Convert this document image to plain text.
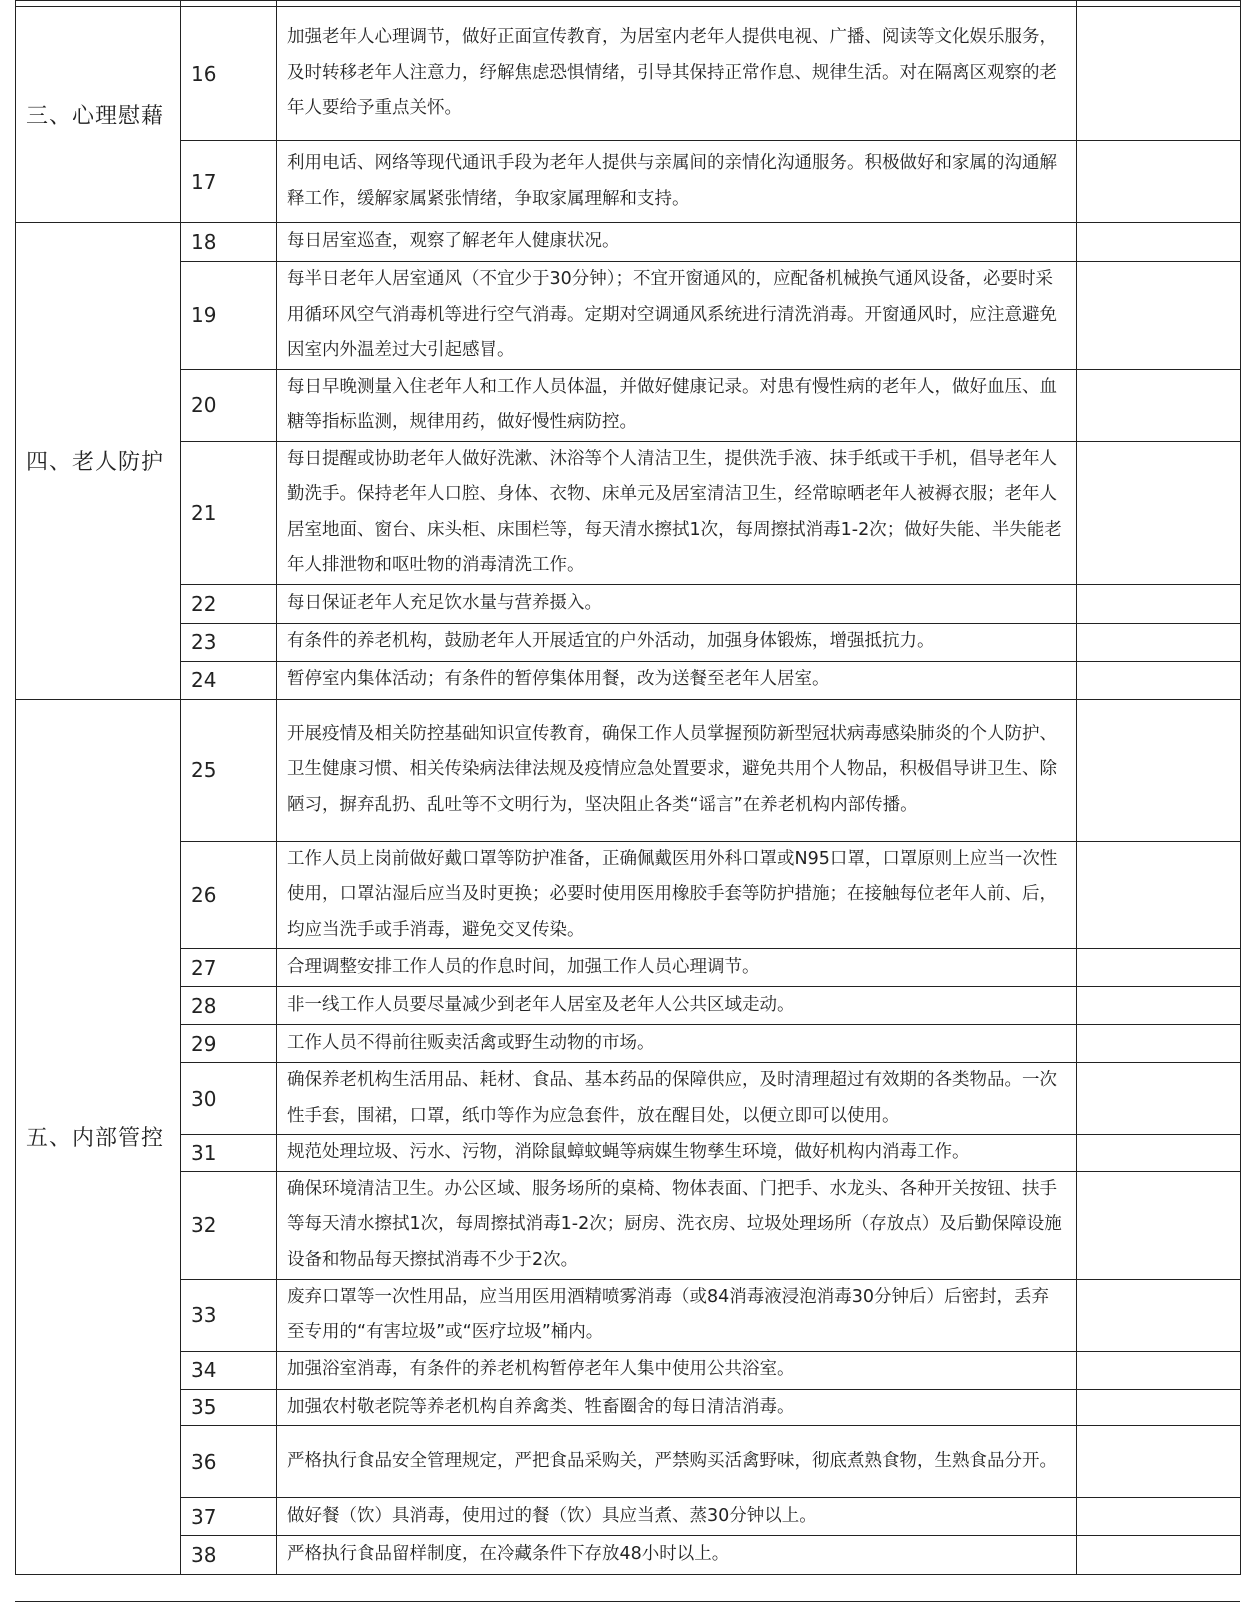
三、心理慰藉	16	加强老年人心理调节，做好正面宣传教育，为居室内老年人提供电视、广播、阅读等文化娱乐服务，及时转移老年人注意力，纾解焦虑恐惧情绪，引导其保持正常作息、规律生活。对在隔离区观察的老年人要给予重点关怀。	
	17	利用电话、网络等现代通讯手段为老年人提供与亲属间的亲情化沟通服务。积极做好和家属的沟通解释工作，缓解家属紧张情绪，争取家属理解和支持。	
四、老人防护	18	每日居室巡查，观察了解老年人健康状况。	
	19	每半日老年人居室通风（不宜少于30分钟）；不宜开窗通风的，应配备机械换气通风设备，必要时采用循环风空气消毒机等进行空气消毒。定期对空调通风系统进行清洗消毒。开窗通风时，应注意避免因室内外温差过大引起感冒。	
	20	每日早晚测量入住老年人和工作人员体温，并做好健康记录。对患有慢性病的老年人，做好血压、血糖等指标监测，规律用药，做好慢性病防控。	
	21	每日提醒或协助老年人做好洗漱、沐浴等个人清洁卫生，提供洗手液、抹手纸或干手机，倡导老年人勤洗手。保持老年人口腔、身体、衣物、床单元及居室清洁卫生，经常晾晒老年人被褥衣服；老年人居室地面、窗台、床头柜、床围栏等，每天清水擦拭1次，每周擦拭消毒1-2次；做好失能、半失能老年人排泄物和呕吐物的消毒清洗工作。	
	22	每日保证老年人充足饮水量与营养摄入。	
	23	有条件的养老机构，鼓励老年人开展适宜的户外活动，加强身体锻炼，增强抵抗力。	
	24	暂停室内集体活动；有条件的暂停集体用餐，改为送餐至老年人居室。	
五、内部管控	25	开展疫情及相关防控基础知识宣传教育，确保工作人员掌握预防新型冠状病毒感染肺炎的个人防护、卫生健康习惯、相关传染病法律法规及疫情应急处置要求，避免共用个人物品，积极倡导讲卫生、除陋习，摒弃乱扔、乱吐等不文明行为，坚决阻止各类“谣言”在养老机构内部传播。	
	26	工作人员上岗前做好戴口罩等防护准备，正确佩戴医用外科口罩或N95口罩，口罩原则上应当一次性使用，口罩沾湿后应当及时更换；必要时使用医用橡胶手套等防护措施；在接触每位老年人前、后，均应当洗手或手消毒，避免交叉传染。	
	27	合理调整安排工作人员的作息时间，加强工作人员心理调节。	
	28	非一线工作人员要尽量减少到老年人居室及老年人公共区域走动。	
	29	工作人员不得前往贩卖活禽或野生动物的市场。	
	30	确保养老机构生活用品、耗材、食品、基本药品的保障供应，及时清理超过有效期的各类物品。一次性手套，围裙，口罩，纸巾等作为应急套件，放在醒目处，以便立即可以使用。	
	31	规范处理垃圾、污水、污物，消除鼠蟑蚊蝇等病媒生物孳生环境，做好机构内消毒工作。	
	32	确保环境清洁卫生。办公区域、服务场所的桌椅、物体表面、门把手、水龙头、各种开关按钮、扶手等每天清水擦拭1次，每周擦拭消毒1-2次；厨房、洗衣房、垃圾处理场所（存放点）及后勤保障设施设备和物品每天擦拭消毒不少于2次。	
	33	废弃口罩等一次性用品，应当用医用酒精喷雾消毒（或84消毒液浸泡消毒30分钟后）后密封，丢弃至专用的“有害垃圾”或“医疗垃圾”桶内。	
	34	加强浴室消毒，有条件的养老机构暂停老年人集中使用公共浴室。	
	35	加强农村敬老院等养老机构自养禽类、牲畜圈舍的每日清洁消毒。	
	36	严格执行食品安全管理规定，严把食品采购关，严禁购买活禽野味，彻底煮熟食物，生熟食品分开。	
	37	做好餐（饮）具消毒，使用过的餐（饮）具应当煮、蒸30分钟以上。	
	38	严格执行食品留样制度，在冷藏条件下存放48小时以上。	
